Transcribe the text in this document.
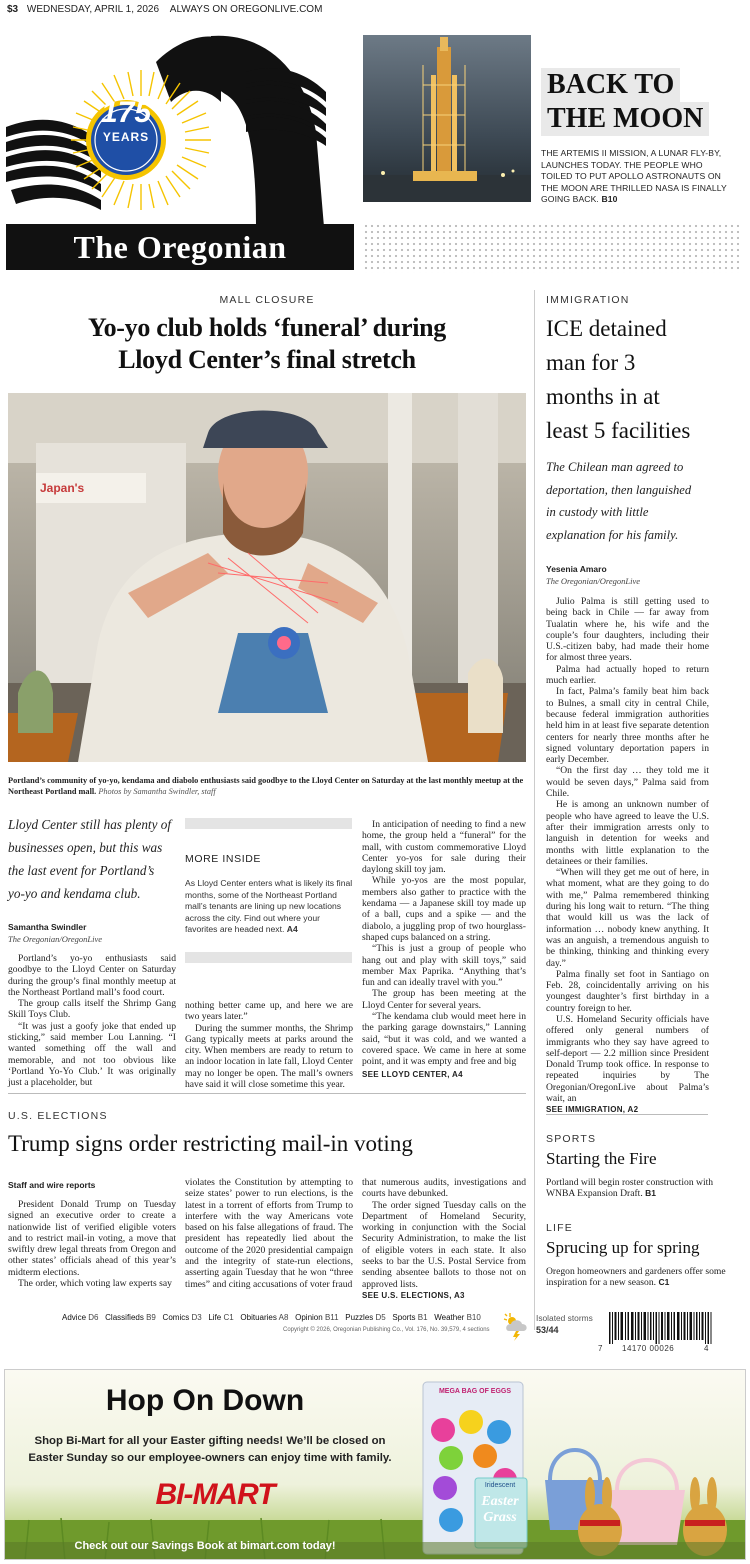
$3 WEDNESDAY, APRIL 1, 2026 ALWAYS ON OREGONLIVE.COM
175
YEARS
The Oregonian
BACK TO
THE MOON
THE ARTEMIS II MISSION, A LUNAR FLY-BY, LAUNCHES TODAY. THE PEOPLE WHO TOILED TO PUT APOLLO ASTRONAUTS ON THE MOON ARE THRILLED NASA IS FINALLY GOING BACK. B10
MALL CLOSURE
Yo-yo club holds ‘funeral’ during
Lloyd Center’s final stretch
Japan's
Portland’s community of yo-yo, kendama and diabolo enthusiasts said goodbye to the Lloyd Center on Saturday at the last monthly meetup at the Northeast Portland mall. Photos by Samantha Swindler, staff
Lloyd Center still has plenty of businesses open, but this was the last event for Portland’s yo-yo and kendama club.
Samantha Swindler
The Oregonian/OregonLive

Portland’s yo-yo enthusiasts said goodbye to the Lloyd Center on Saturday during the group’s final monthly meetup at the Northeast Portland mall’s food court.

The group calls itself the Shrimp Gang Skill Toys Club.

“It was just a goofy joke that ended up sticking,” said member Lou Lanning. “I wanted something off the wall and memorable, and not too obvious like ‘Portland Yo-Yo Club.’ It was originally just a placeholder, but

MORE INSIDE
As Lloyd Center enters what is likely its final months, some of the Northeast Portland mall’s tenants are lining up new locations across the city. Find out where your favorites are headed next. A4

nothing better came up, and here we are two years later.”

During the summer months, the Shrimp Gang typically meets at parks around the city. When members are ready to return to an indoor location in late fall, Lloyd Center may no longer be open. The mall’s owners have said it will close sometime this year.

In anticipation of needing to find a new home, the group held a “funeral” for the mall, with custom commemorative Lloyd Center yo-yos for sale during their daylong skill toy jam.

While yo-yos are the most popular, members also gather to practice with the kendama — a Japanese skill toy made up of a ball, cups and a spike — and the diabolo, a juggling prop of two hourglass-shaped cups balanced on a string.

“This is just a group of people who hang out and play with skill toys,” said member Max Paprika. “Anything that’s fun and can ideally travel with you.”

The group has been meeting at the Lloyd Center for several years.

“The kendama club would meet here in the parking garage downstairs,” Lanning said, “but it was cold, and we wanted a covered space. We came in here at some point, and it was empty and free and big

SEE LLOYD CENTER, A4
IMMIGRATION
ICE detained
man for 3
months in at
least 5 facilities
The Chilean man agreed to
deportation, then languished
in custody with little
explanation for his family.
Yesenia Amaro
The Oregonian/OregonLive

Julio Palma is still getting used to being back in Chile — far away from Tualatin where he, his wife and the couple’s four daughters, including their U.S.-citizen baby, had made their home for almost three years.

Palma had actually hoped to return much earlier.

In fact, Palma’s family beat him back to Bulnes, a small city in central Chile, because federal immigration authorities held him in at least five separate detention centers for nearly three months after he signed voluntary deportation papers in early December.

“On the first day … they told me it would be seven days,” Palma said from Chile.

He is among an unknown number of people who have agreed to leave the U.S. after their immigration arrests only to languish in detention for weeks and months with little explanation to the detainees or their families.

“When will they get me out of here, in what moment, what are they going to do with me,” Palma remembered thinking during his long wait to return. “The thing that would kill us was the lack of information … nobody knew anything. It was an anguish, a tremendous anguish to be thinking, thinking and thinking every day.”

Palma finally set foot in Santiago on Feb. 28, coincidentally arriving on his youngest daughter’s first birthday in a country foreign to her.

U.S. Homeland Security officials have offered only general numbers of immigrants who they say have agreed to self-deport — 2.2 million since President Donald Trump took office. In response to repeated inquiries by The Oregonian/OregonLive about Palma’s wait, an

SEE IMMIGRATION, A2
U.S. ELECTIONS
Trump signs order restricting mail-in voting
Staff and wire reports

President Donald Trump on Tuesday signed an executive order to create a nationwide list of verified eligible voters and to restrict mail-in voting, a move that swiftly drew legal threats from Oregon and other states’ officials ahead of this year’s midterm elections.

The order, which voting law experts say

violates the Constitution by attempting to seize states’ power to run elections, is the latest in a torrent of efforts from Trump to interfere with the way Americans vote based on his false allegations of fraud. The president has repeatedly lied about the outcome of the 2020 presidential campaign and the integrity of state-run elections, asserting again Tuesday that he won “three times” and citing accusations of voter fraud

that numerous audits, investigations and courts have debunked.

The order signed Tuesday calls on the Department of Homeland Security, working in conjunction with the Social Security Administration, to make the list of eligible voters in each state. It also seeks to bar the U.S. Postal Service from sending absentee ballots to those not on approved lists.

SEE U.S. ELECTIONS, A3
SPORTS
Starting the Fire
Portland will begin roster construction with WNBA Expansion Draft. B1
LIFE
Sprucing up for spring
Oregon homeowners and gardeners offer some inspiration for a new season. C1
Advice D6 Classifieds B9 Comics D3 Life C1 Obituaries A8 Opinion B11 Puzzles D5 Sports B1 Weather B10
Copyright © 2026, Oregonian Publishing Co., Vol. 176, No. 39,579, 4 sections
Isolated storms
53/44
7 14170 00026	4
Hop On Down
Shop Bi-Mart for all your Easter gifting needs! We’ll be closed on Easter Sunday so our employee-owners can enjoy time with family.
BI-MART
Check out our Savings Book at bimart.com today!
MEGA BAG OF EGGS
Iridescent
Easter
Grass
